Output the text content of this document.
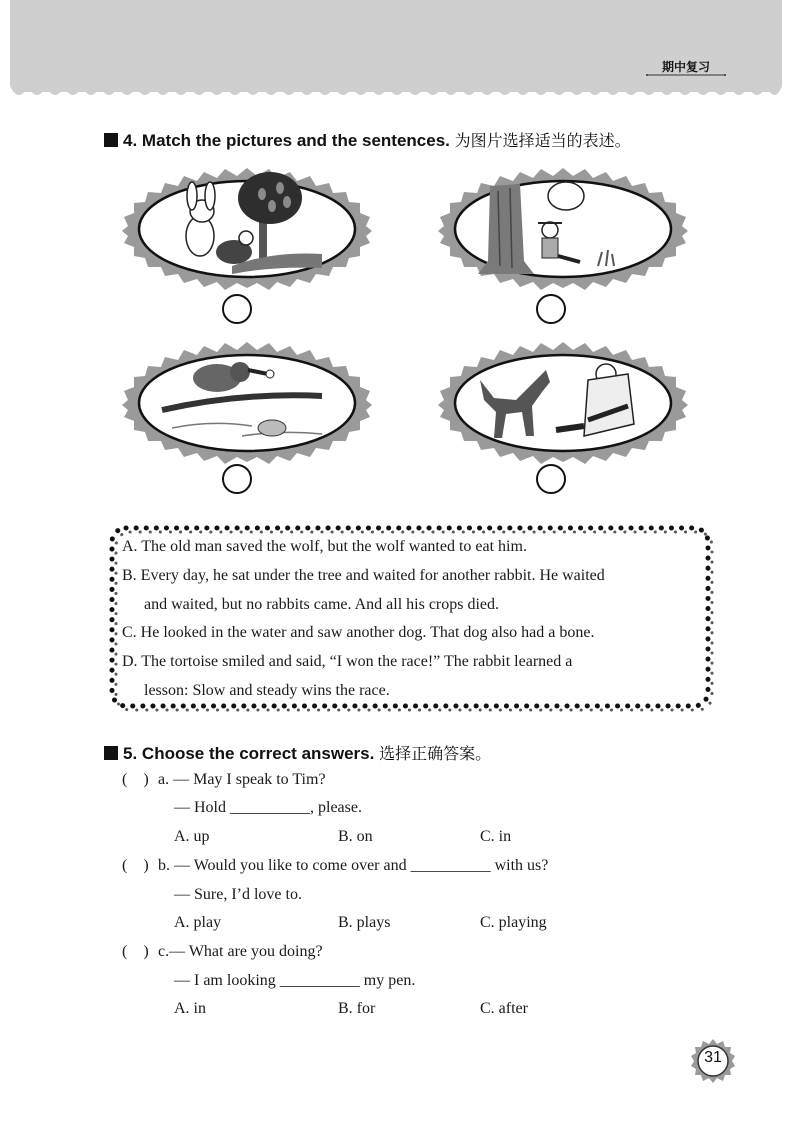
期中复习
4. Match the pictures and the sentences. 为图片选择适当的表述。
A. The old man saved the wolf, but the wolf wanted to eat him.
B. Every day, he sat under the tree and waited for another rabbit. He waited
and waited, but no rabbits came. And all his crops died.
C. He looked in the water and saw another dog. That dog also had a bone.
D. The tortoise smiled and said, “I won the race!” The rabbit learned a
lesson: Slow and steady wins the race.
5. Choose the correct answers. 选择正确答案。
(    ) a. — May I speak to Tim?
— Hold __________, please.
A. up	B. on	C. in
(    ) b. — Would you like to come over and __________ with us?
— Sure, I’d love to.
A. play	B. plays	C. playing
(    ) c.— What are you doing?
— I am looking __________ my pen.
A. in	B. for	C. after
31
